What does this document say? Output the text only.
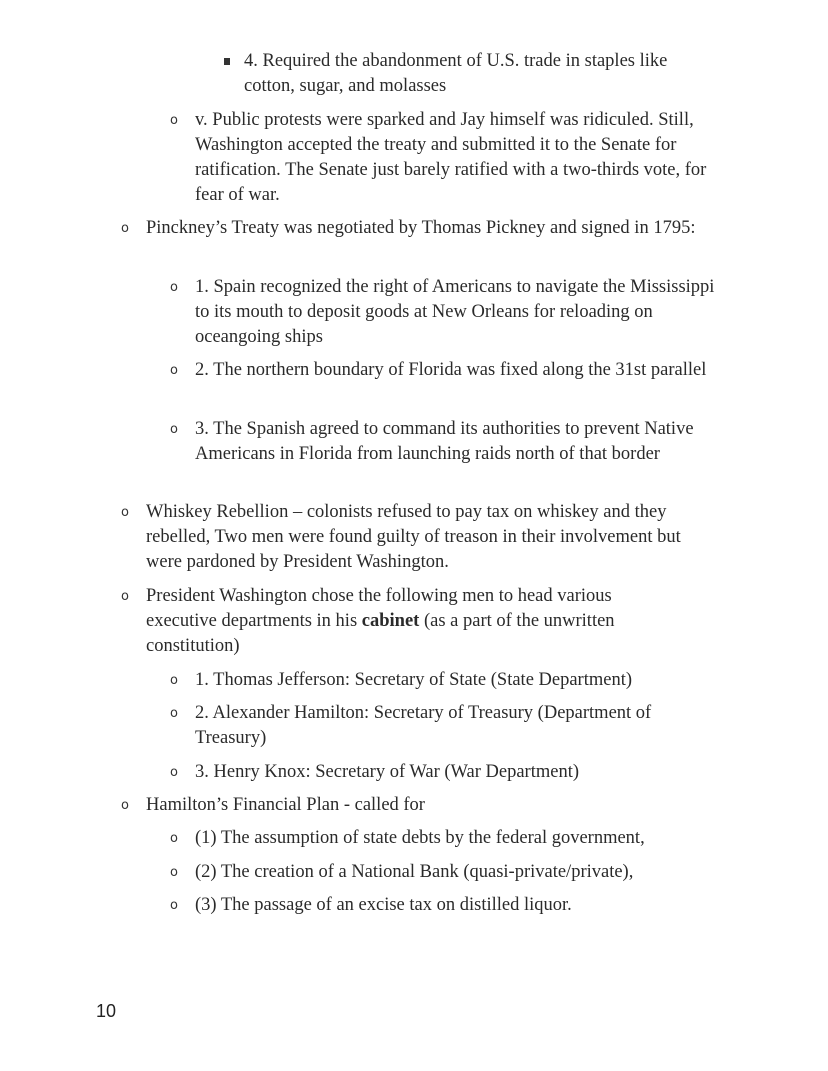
4. Required the abandonment of U.S. trade in staples like cotton, sugar, and molasses
o v. Public protests were sparked and Jay himself was ridiculed. Still, Washington accepted the treaty and submitted it to the Senate for ratification. The Senate just barely ratified with a two-thirds vote, for fear of war.
o Pinckney’s Treaty was negotiated by Thomas Pickney and signed in 1795:
o 1. Spain recognized the right of Americans to navigate the Mississippi to its mouth to deposit goods at New Orleans for reloading on oceangoing ships
o 2. The northern boundary of Florida was fixed along the 31st parallel
o 3. The Spanish agreed to command its authorities to prevent Native Americans in Florida from launching raids north of that border
o Whiskey Rebellion – colonists refused to pay tax on whiskey and they rebelled, Two men were found guilty of treason in their involvement but were pardoned by President Washington.
o President Washington chose the following men to head various executive departments in his cabinet (as a part of the unwritten constitution)
o 1. Thomas Jefferson: Secretary of State (State Department)
o 2. Alexander Hamilton: Secretary of Treasury (Department of Treasury)
o 3. Henry Knox: Secretary of War (War Department)
o Hamilton’s Financial Plan - called for
o (1) The assumption of state debts by the federal government,
o (2) The creation of a National Bank (quasi-private/private),
o (3) The passage of an excise tax on distilled liquor.
10
